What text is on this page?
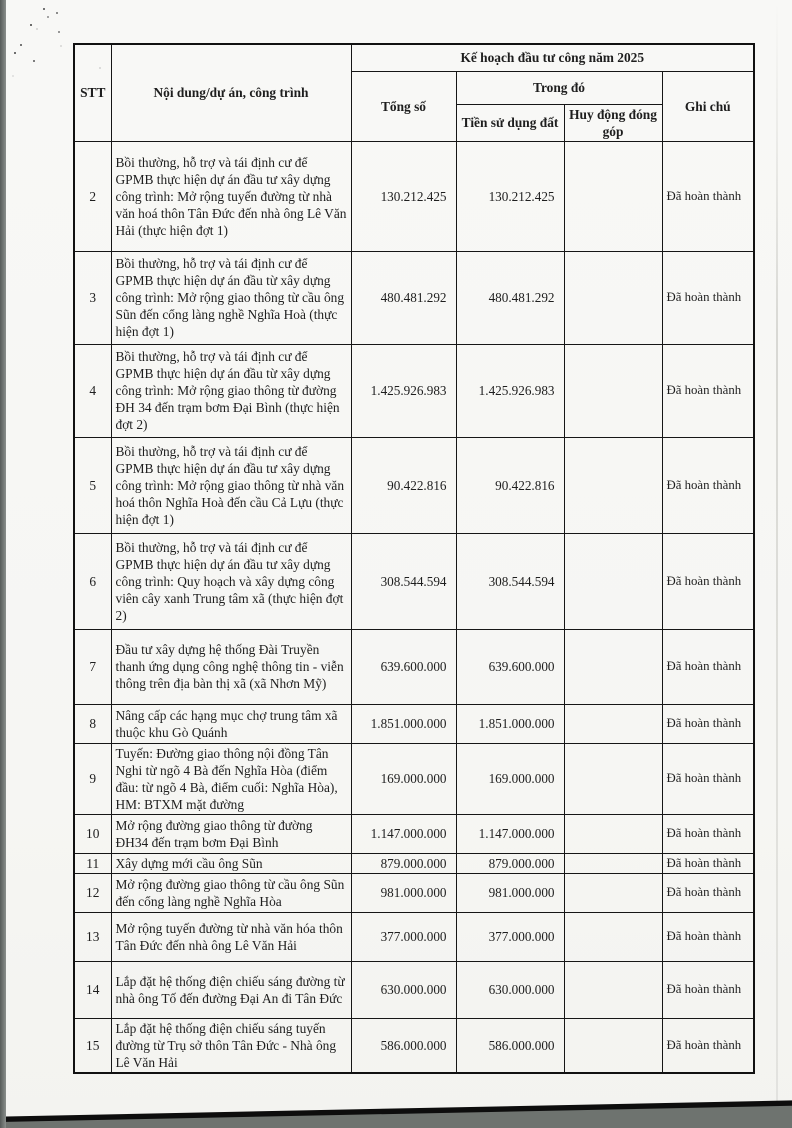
STT	Nội dung/dự án, công trình	Kế hoạch đầu tư công năm 2025			
		Tổng số	Trong đó		Ghi chú
			Tiền sử dụng đất	Huy động đóng góp	
2	Bồi thường, hỗ trợ và tái định cư để GPMB thực hiện dự án đầu tư xây dựng công trình: Mở rộng tuyến đường từ nhà văn hoá thôn Tân Đức đến nhà ông Lê Văn Hải (thực hiện đợt 1)	130.212.425	130.212.425		Đã hoàn thành
3	Bồi thường, hỗ trợ và tái định cư để GPMB thực hiện dự án đầu từ xây dựng công trình: Mở rộng giao thông từ cầu ông Sũn đến cổng làng nghề Nghĩa Hoà (thực hiện đợt 1)	480.481.292	480.481.292		Đã hoàn thành
4	Bồi thường, hỗ trợ và tái định cư để GPMB thực hiện dự án đầu từ xây dựng công trình: Mở rộng giao thông từ đường ĐH 34 đến trạm bơm Đại Bình (thực hiện đợt 2)	1.425.926.983	1.425.926.983		Đã hoàn thành
5	Bồi thường, hỗ trợ và tái định cư để GPMB thực hiện dự án đầu tư xây dựng công trình: Mở rộng giao thông từ nhà văn hoá thôn Nghĩa Hoà đến cầu Cả Lựu (thực hiện đợt 1)	90.422.816	90.422.816		Đã hoàn thành
6	Bồi thường, hỗ trợ và tái định cư để GPMB thực hiện dự án đầu tư xây dựng công trình: Quy hoạch và xây dựng công viên cây xanh Trung tâm xã (thực hiện đợt 2)	308.544.594	308.544.594		Đã hoàn thành
7	Đầu tư xây dựng hệ thống Đài Truyền thanh ứng dụng công nghệ thông tin - viễn thông trên địa bàn thị xã (xã Nhơn Mỹ)	639.600.000	639.600.000		Đã hoàn thành
8	Nâng cấp các hạng mục chợ trung tâm xã thuộc khu Gò Quánh	1.851.000.000	1.851.000.000		Đã hoàn thành
9	Tuyến: Đường giao thông nội đồng Tân Nghi từ ngõ 4 Bà đến Nghĩa Hòa (điểm đầu: từ ngõ 4 Bà, điểm cuối: Nghĩa Hòa), HM: BTXM mặt đường	169.000.000	169.000.000		Đã hoàn thành
10	Mở rộng đường giao thông từ đường ĐH34 đến trạm bơm Đại Bình	1.147.000.000	1.147.000.000		Đã hoàn thành
11	Xây dựng mới cầu ông Sũn	879.000.000	879.000.000		Đã hoàn thành
12	Mở rộng đường giao thông từ cầu ông Sũn đến cổng làng nghề Nghĩa Hòa	981.000.000	981.000.000		Đã hoàn thành
13	Mở rộng tuyến đường từ nhà văn hóa thôn Tân Đức đến nhà ông Lê Văn Hải	377.000.000	377.000.000		Đã hoàn thành
14	Lắp đặt hệ thống điện chiếu sáng đường từ nhà ông Tố đến đường Đại An đi Tân Đức	630.000.000	630.000.000		Đã hoàn thành
15	Lắp đặt hệ thống điện chiếu sáng tuyến đường từ Trụ sở thôn Tân Đức - Nhà ông Lê Văn Hải	586.000.000	586.000.000		Đã hoàn thành
